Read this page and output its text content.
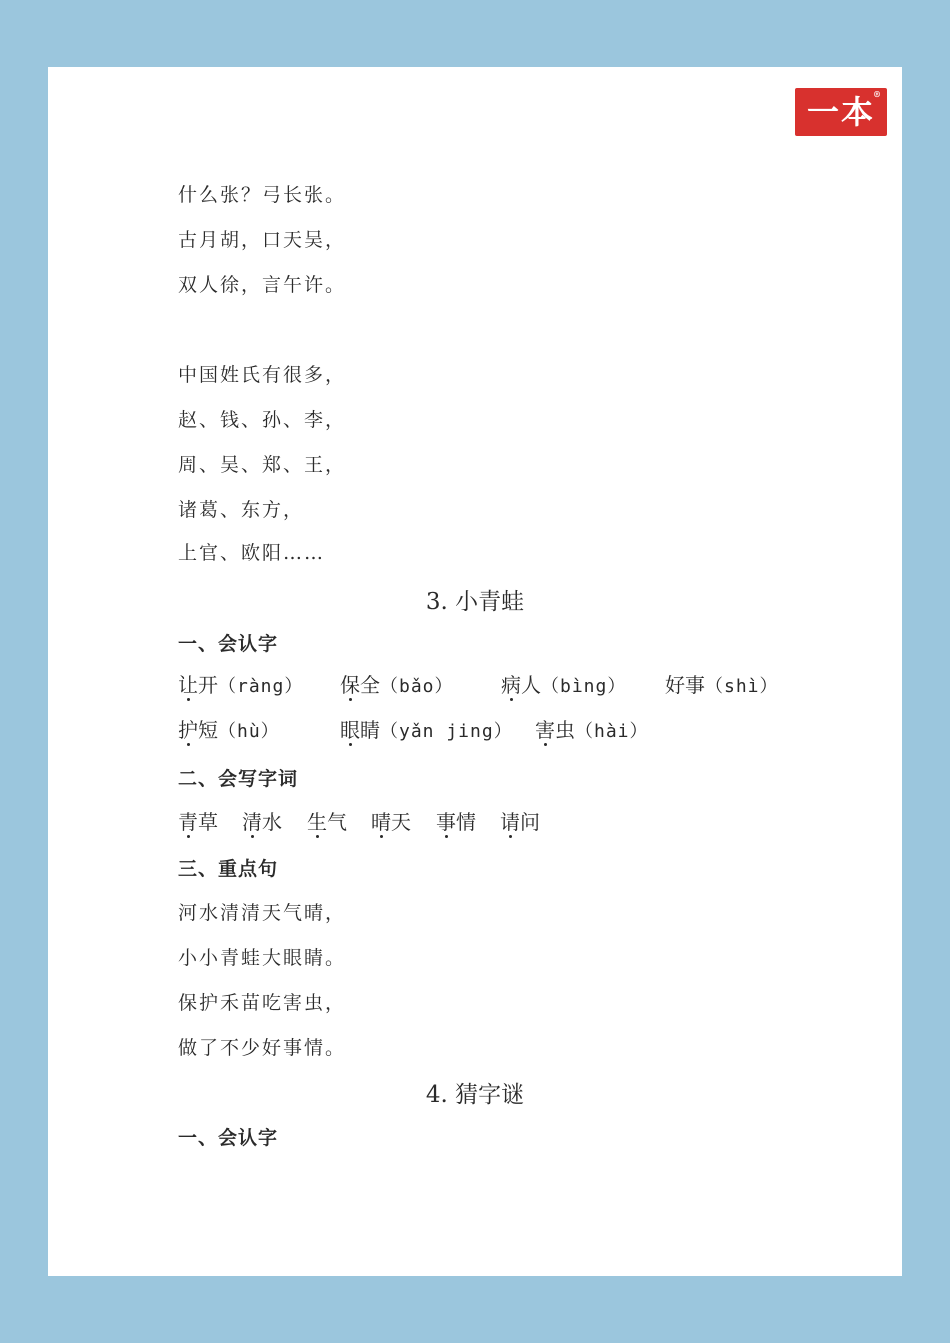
一本
®
什么张？弓长张。
古月胡，口天吴，
双人徐，言午许。
中国姓氏有很多，
赵、钱、孙、李，
周、吴、郑、王，
诸葛、东方，
上官、欧阳……
3. 小青蛙
一、会认字
让开（ràng） 保全（bǎo） 病人（bìng） 好事（shì）
护短（hù）	眼睛（yǎn jing） 害虫（hài）
二、会写字词
青草 清水 生气 晴天 事情 请问
三、重点句
河水清清天气晴，
小小青蛙大眼睛。
保护禾苗吃害虫，
做了不少好事情。
4. 猜字谜
一、会认字
